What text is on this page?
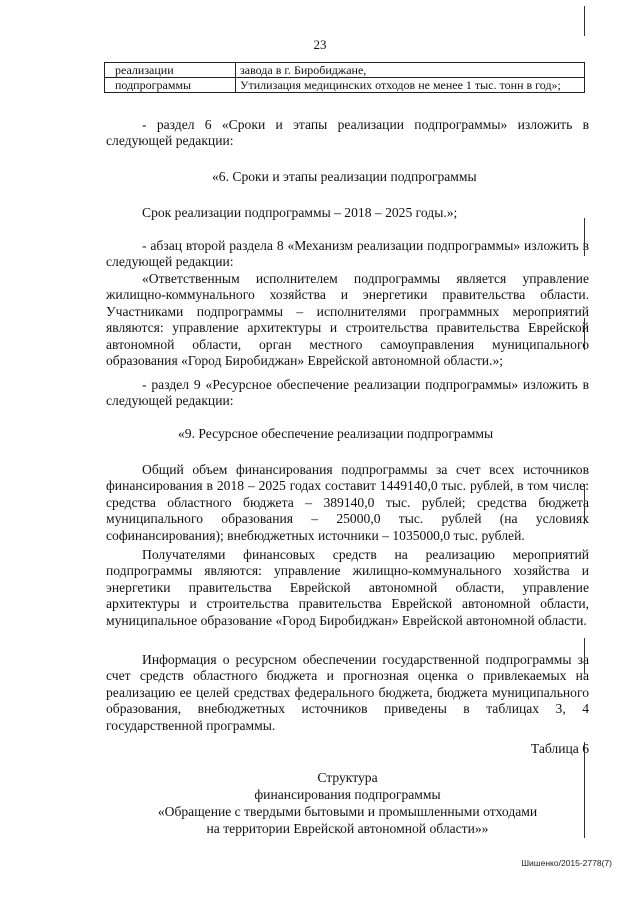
23
реализации	завода в г. Биробиджане,
подпрограммы	Утилизация медицинских отходов не менее 1 тыс. тонн в год»;
- раздел 6 «Сроки и этапы реализации подпрограммы» изложить в следующей редакции:
«6. Сроки и этапы реализации подпрограммы
Срок реализации подпрограммы – 2018 – 2025 годы.»;
- абзац второй раздела 8 «Механизм реализации подпрограммы» изложить в следующей редакции:
«Ответственным исполнителем подпрограммы является управление жилищно-коммунального хозяйства и энергетики правительства области. Участниками подпрограммы – исполнителями программных мероприятий являются: управление архитектуры и строительства правительства Еврейской автономной области, орган местного самоуправления муниципального образования «Город Биробиджан» Еврейской автономной области.»;
- раздел 9 «Ресурсное обеспечение реализации подпрограммы» изложить в следующей редакции:
«9. Ресурсное обеспечение реализации подпрограммы
Общий объем финансирования подпрограммы за счет всех источников финансирования в 2018 – 2025 годах составит 1449140,0 тыс. рублей, в том числе: средства областного бюджета – 389140,0 тыс. рублей; средства бюджета муниципального образования – 25000,0 тыс. рублей (на условиях софинансирования); внебюджетных источники – 1035000,0 тыс. рублей.
Получателями финансовых средств на реализацию мероприятий подпрограммы являются: управление жилищно-коммунального хозяйства и энергетики правительства Еврейской автономной области, управление архитектуры и строительства правительства Еврейской автономной области, муниципальное образование «Город Биробиджан» Еврейской автономной области.
Информация о ресурсном обеспечении государственной подпрограммы за счет средств областного бюджета и прогнозная оценка о привлекаемых на реализацию ее целей средствах федерального бюджета, бюджета муниципального образования, внебюджетных источников приведены в таблицах 3, 4 государственной программы.
Таблица 6
Структура
финансирования подпрограммы
«Обращение с твердыми бытовыми и промышленными отходами
на территории Еврейской автономной области»»
Шишенко/2015-2778(7)
